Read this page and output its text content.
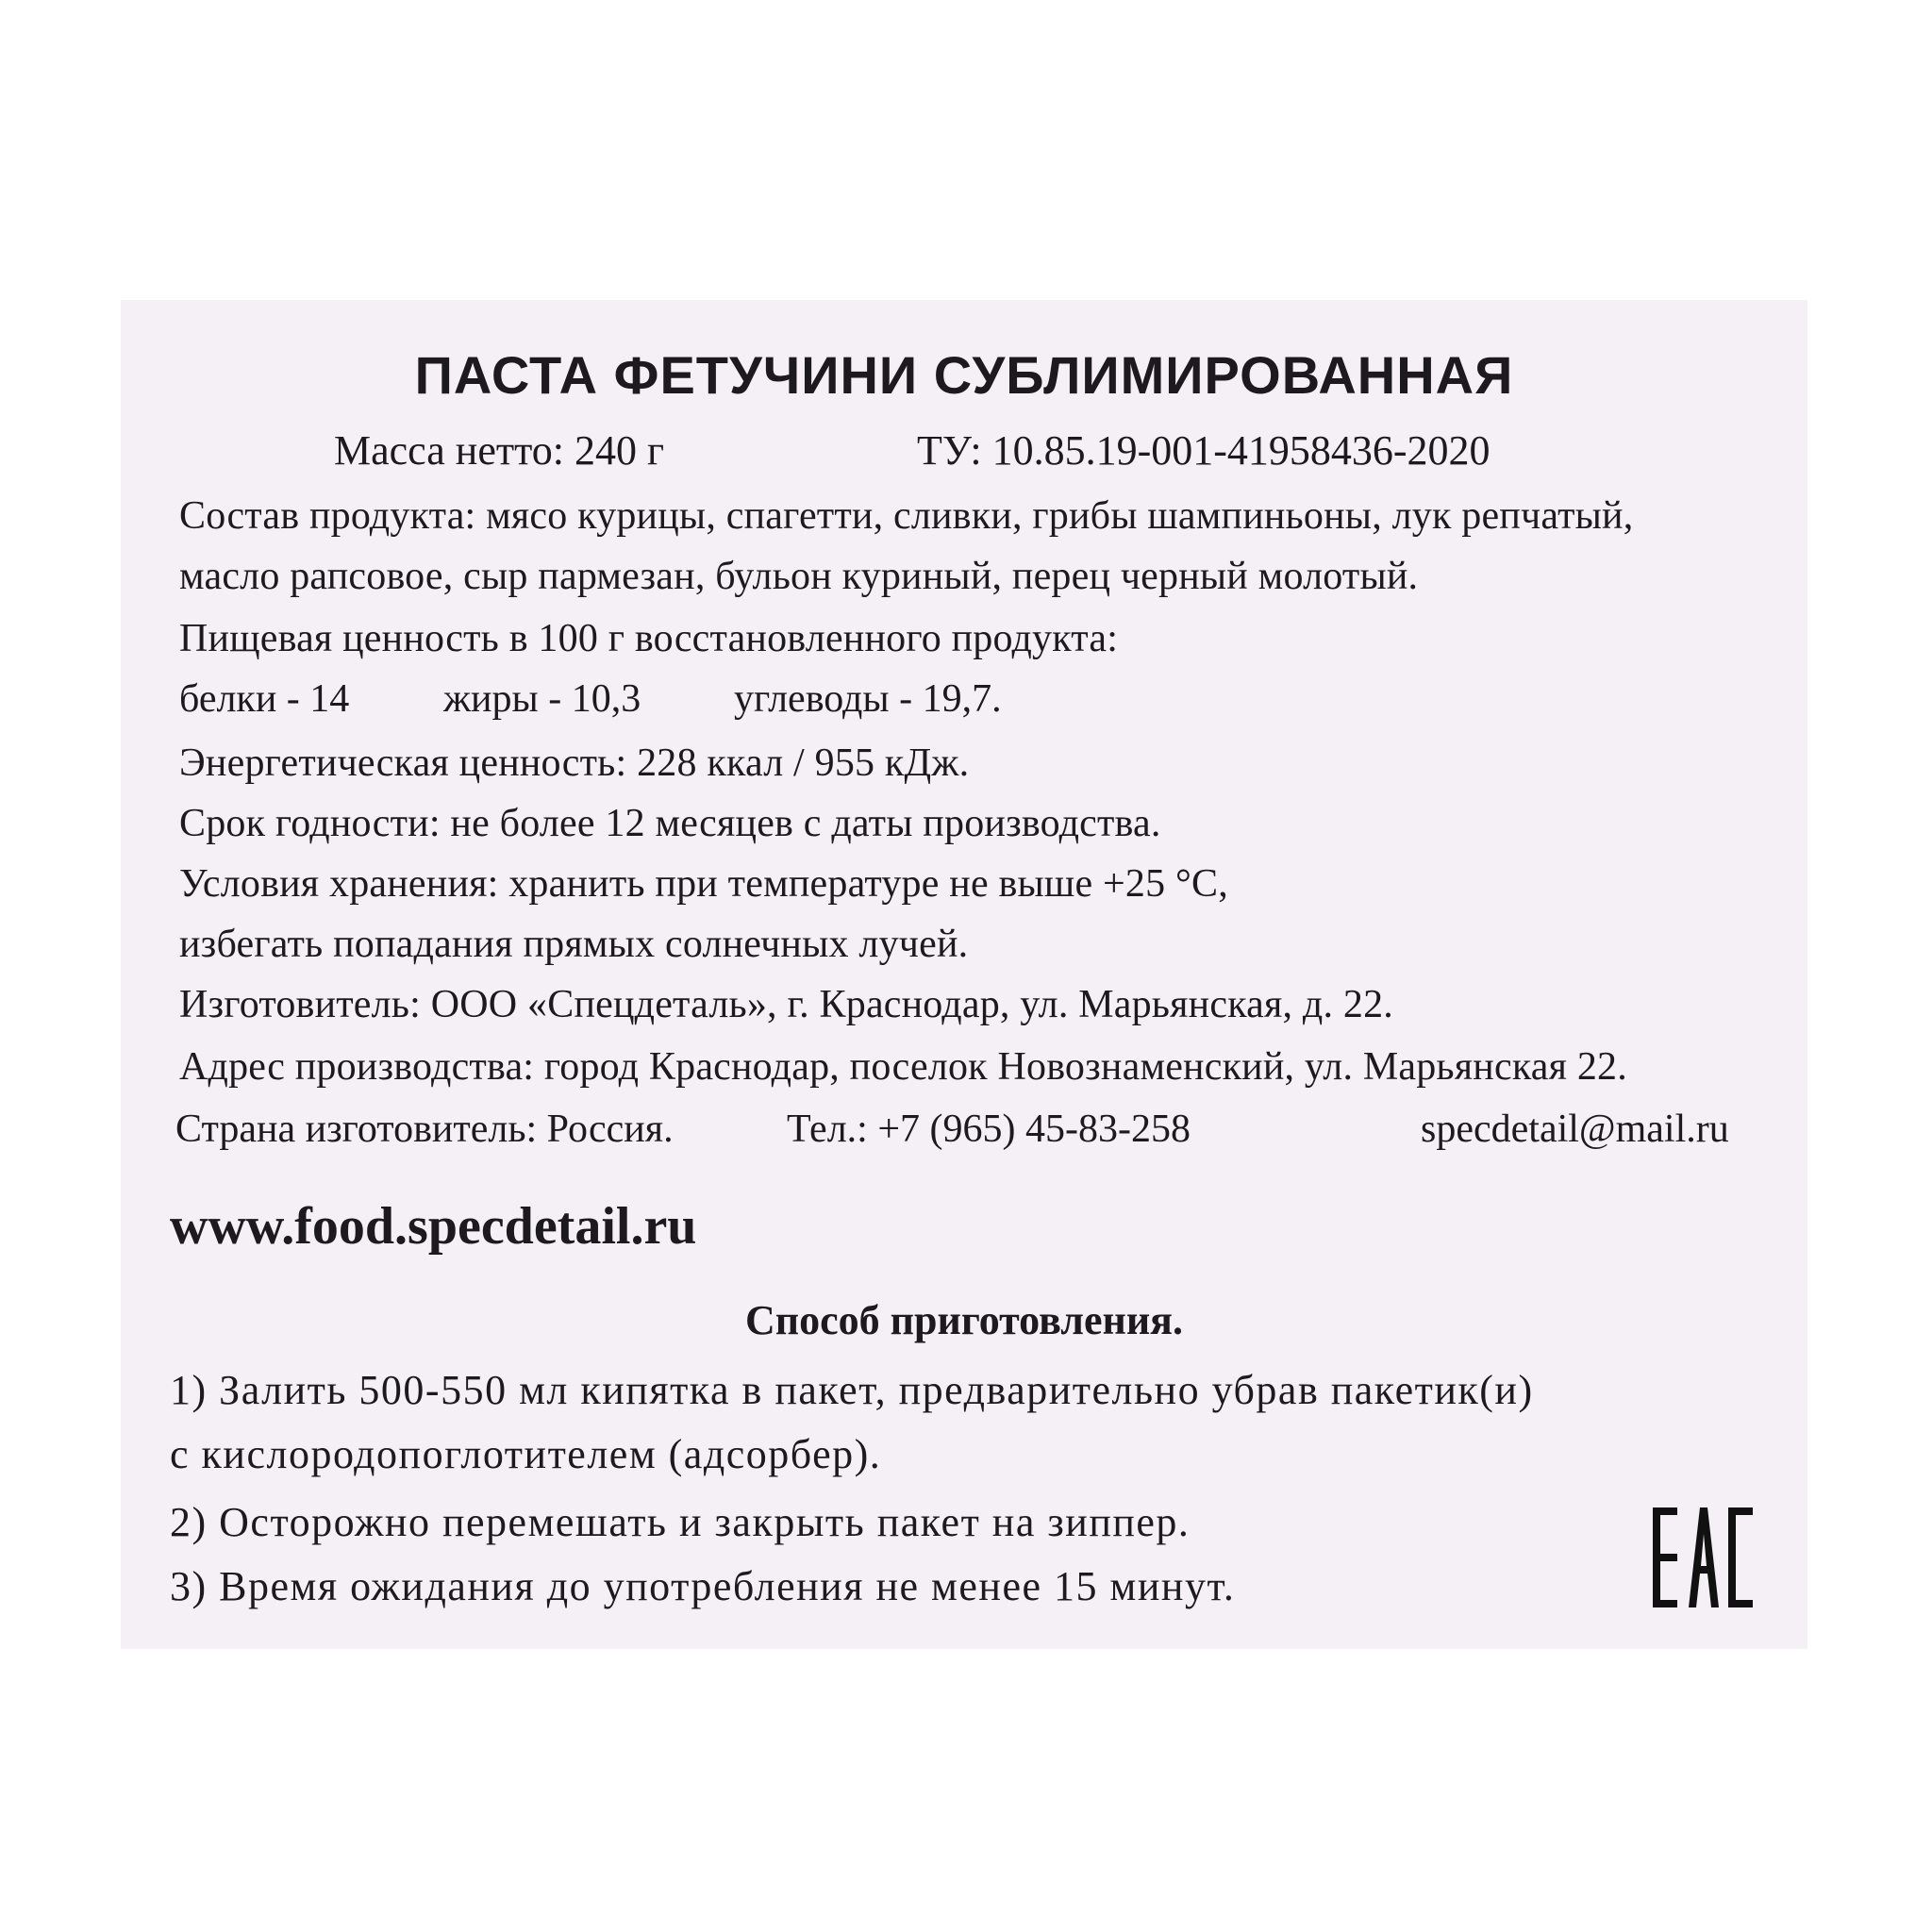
ПАСТА ФЕТУЧИНИ СУБЛИМИРОВАННАЯ
Масса нетто: 240 г	ТУ: 10.85.19-001-41958436-2020
Состав продукта: мясо курицы, спагетти, сливки, грибы шампиньоны, лук репчатый,
масло рапсовое, сыр пармезан, бульон куриный, перец черный молотый.
Пищевая ценность в 100 г восстановленного продукта:
белки - 14 жиры - 10,3 углеводы - 19,7.
Энергетическая ценность: 228 ккал / 955 кДж.
Срок годности: не более 12 месяцев с даты производства.
Условия хранения: хранить при температуре не выше +25 °С,
избегать попадания прямых солнечных лучей.
Изготовитель: ООО «Спецдеталь», г. Краснодар, ул. Марьянская, д. 22.
Адрес производства: город Краснодар, поселок Новознаменский, ул. Марьянская 22.
Страна изготовитель: Россия.	Тел.: +7 (965) 45-83-258	specdetail@mail.ru
www.food.specdetail.ru
Способ приготовления.
1) Залить 500-550 мл кипятка в пакет, предварительно убрав пакетик(и)
с кислородопоглотителем (адсорбер).
2) Осторожно перемешать и закрыть пакет на зиппер.
3) Время ожидания до употребления не менее 15 минут.
